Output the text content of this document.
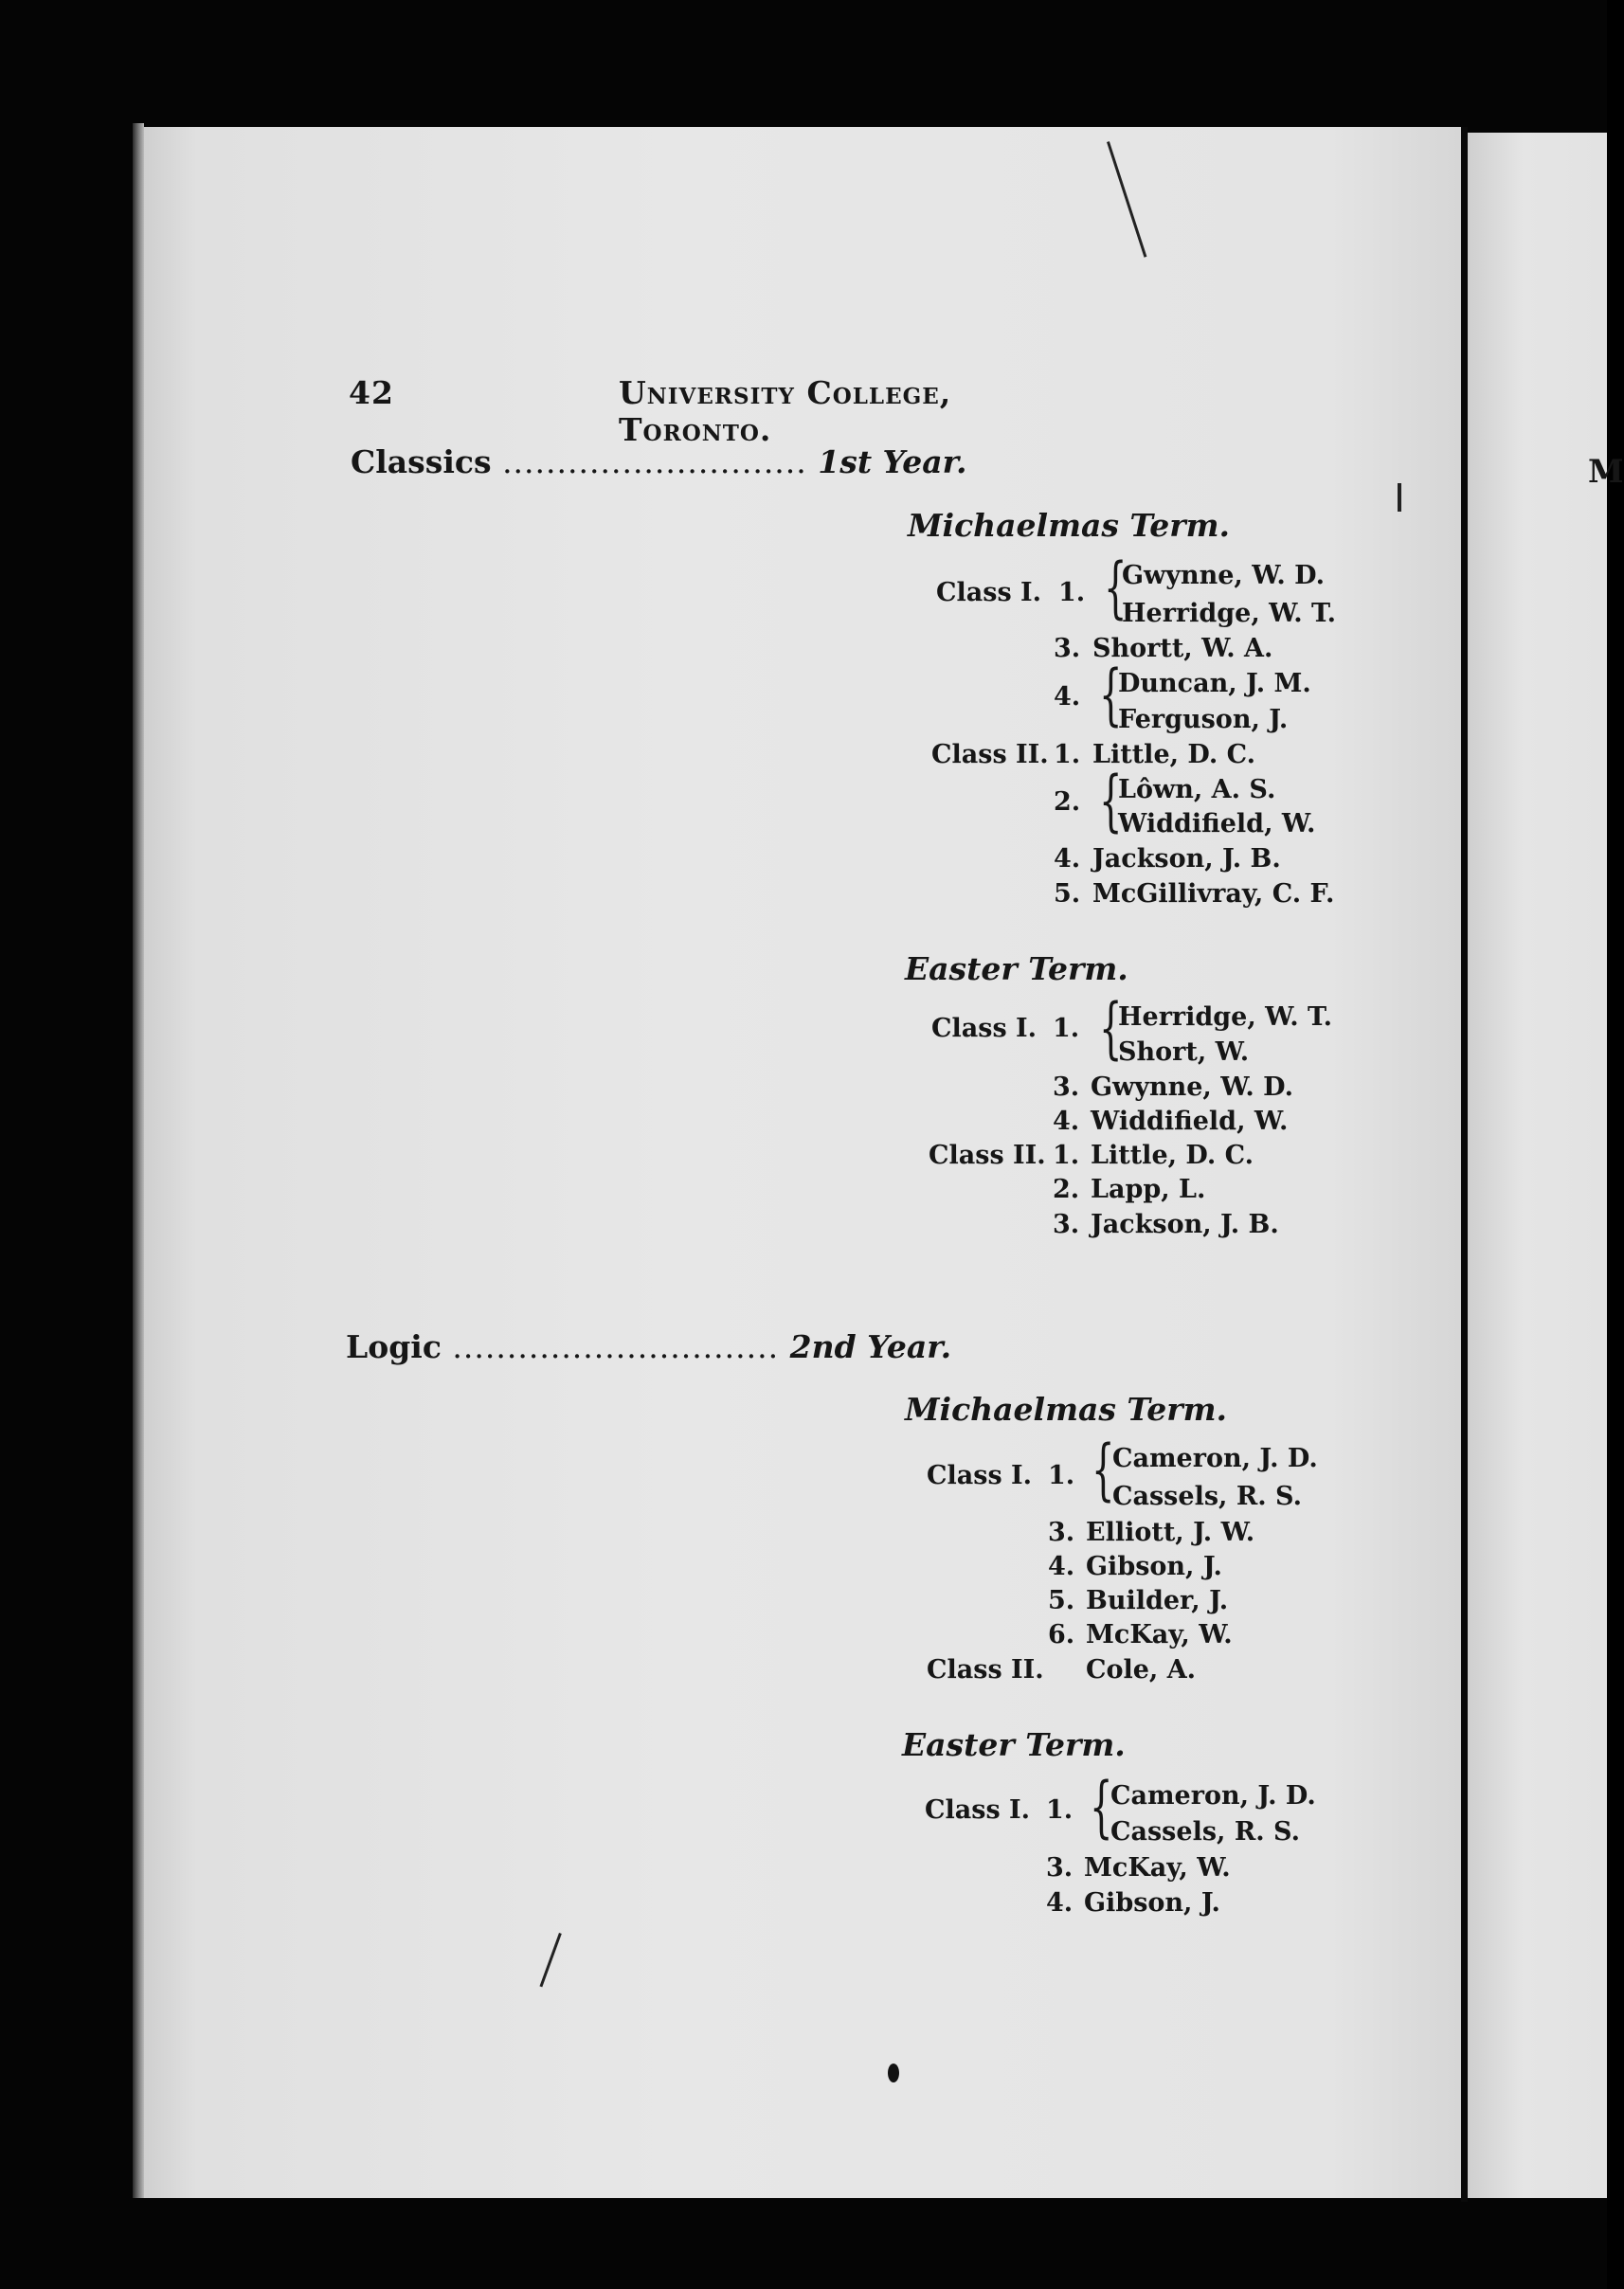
M
42	University College, Toronto.
Classics ............................ 1st Year.
Michaelmas Term.
{
Class I. 1.
Gwynne, W. D.
Herridge, W. T.
3. Shortt, W. A.
{
4. Duncan, J. M.
Ferguson, J.
Class II. 1. Little, D. C.
{
2. Lôwn, A. S.
Widdifield, W.
4. Jackson, J. B.
5. McGillivray, C. F.
Easter Term.
{
Class I. 1. Herridge, W. T.
Short, W.
3. Gwynne, W. D.
4. Widdifield, W.
Class II. 1. Little, D. C.
2. Lapp, L.
3. Jackson, J. B.
Logic .............................. 2nd Year.
Michaelmas Term.
{
Class I. 1.
Cameron, J. D.
Cassels, R. S.
3. Elliott, J. W.
4. Gibson, J.
5. Builder, J.
6. McKay, W.
Class II. Cole, A.
Easter Term.
{
Class I. 1. Cameron, J. D.
Cassels, R. S.
3. McKay, W.
4. Gibson, J.
